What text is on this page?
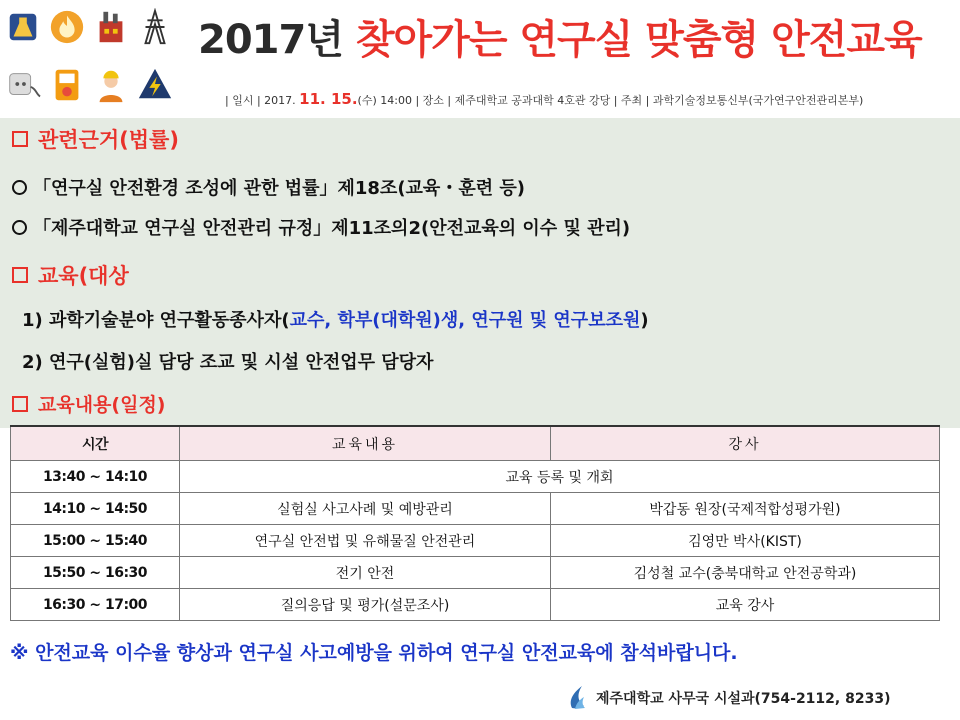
2017년 찾아가는 연구실 맞춤형 안전교육
| 일시 | 2017. 11. 15.(수) 14:00 | 장소 | 제주대학교 공과대학 4호관 강당 | 주최 | 과학기술정보통신부(국가연구안전관리본부)
관련근거(법률)
「연구실 안전환경 조성에 관한 법률」제18조(교육・훈련 등)
「제주대학교 연구실 안전관리 규정」제11조의2(안전교육의 이수 및 관리)
교육(대상
1) 과학기술분야 연구활동종사자(교수, 학부(대학원)생, 연구원 및 연구보조원)
2) 연구(실험)실 담당 조교 및 시설 안전업무 담당자
교육내용(일정)
시간	교육내용	강사
13:40 ~ 14:10	교육 등록 및 개회	
14:10 ~ 14:50	실험실 사고사례 및 예방관리	박갑동 원장(국제적합성평가원)
15:00 ~ 15:40	연구실 안전법 및 유해물질 안전관리	김영만 박사(KIST)
15:50 ~ 16:30	전기 안전	김성철 교수(충북대학교 안전공학과)
16:30 ~ 17:00	질의응답 및 평가(설문조사)	교육 강사
※ 안전교육 이수율 향상과 연구실 사고예방을 위하여 연구실 안전교육에 참석바랍니다.
제주대학교 사무국 시설과(754-2112, 8233)
